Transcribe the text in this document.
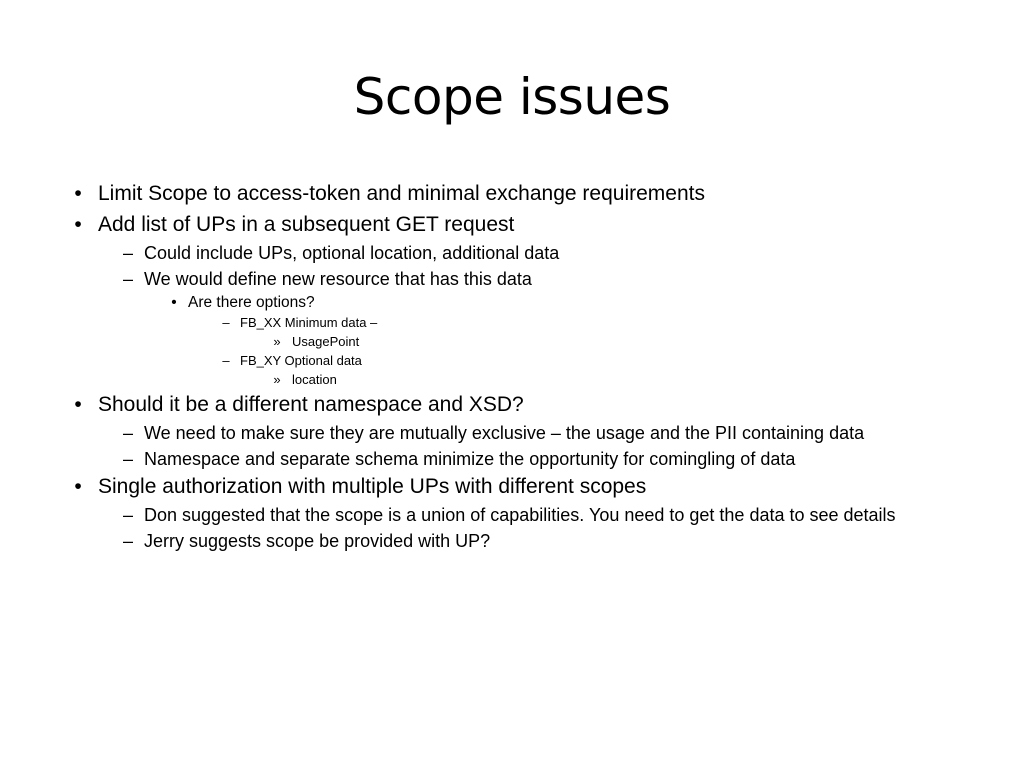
Scope issues
• Limit Scope to access-token and minimal exchange requirements
• Add list of UPs in a subsequent GET request
– Could include UPs, optional location, additional data
– We would define new resource that has this data
• Are there options?
– FB_XX Minimum data –
» UsagePoint
– FB_XY Optional data
» location
• Should it be a different namespace and XSD?
– We need to make sure they are mutually exclusive – the usage and the PII containing data
– Namespace and separate schema minimize the opportunity for comingling of data
• Single authorization with multiple UPs with different scopes
– Don suggested that the scope is a union of capabilities. You need to get the data to see details
– Jerry suggests scope be provided with UP?
